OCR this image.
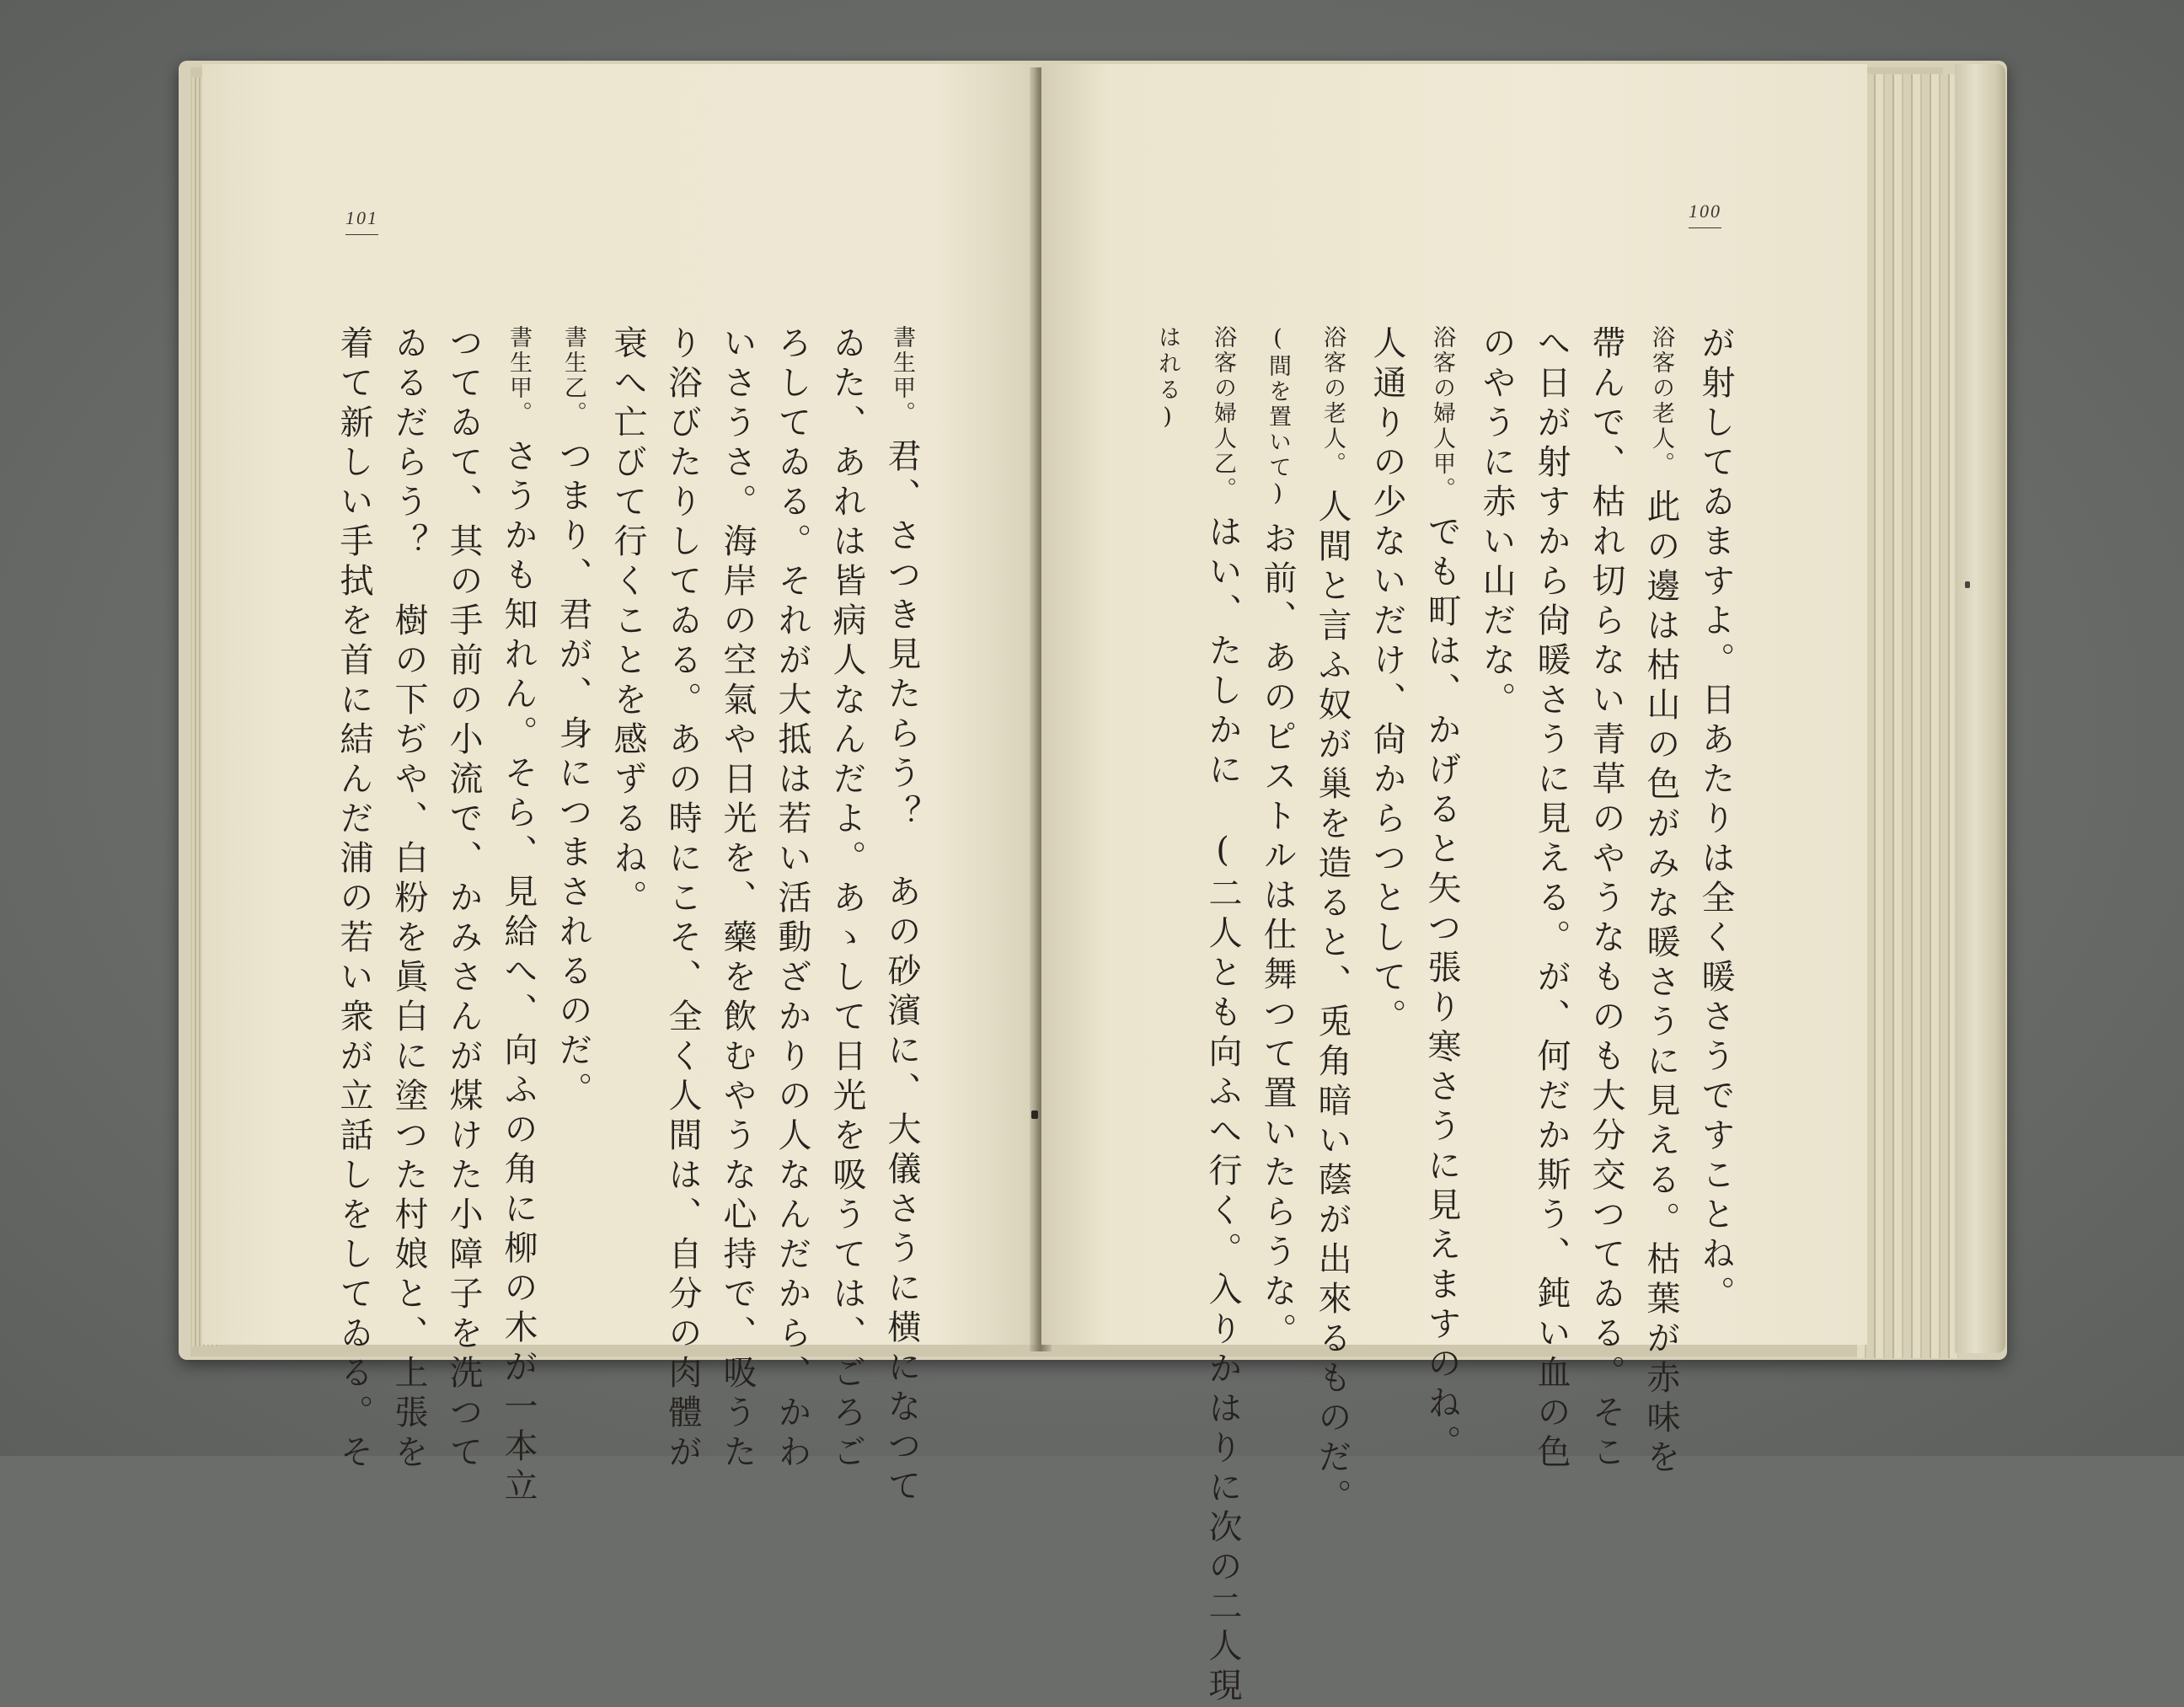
101
書生甲。君、さつき見たらう？　あの砂濱に、大儀さうに横になつて
ゐた、あれは皆病人なんだよ。あゝして日光を吸うては、ごろご
ろしてゐる。それが大抵は若い活動ざかりの人なんだから、かわ
いさうさ。海岸の空氣や日光を、藥を飲むやうな心持で、吸うた
り浴びたりしてゐる。あの時にこそ、全く人間は、自分の肉體が
衰へ亡びて行くことを感ずるね。
書生乙。つまり、君が、身につまされるのだ。
書生甲。さうかも知れん。そら、見給へ、向ふの角に柳の木が一本立
つてゐて、其の手前の小流で、かみさんが煤けた小障子を洗つて
ゐるだらう？　樹の下ぢや、白粉を眞白に塗つた村娘と、上張を
着て新しい手拭を首に結んだ浦の若い衆が立話しをしてゐる。そ
100
が射してゐますよ。日あたりは全く暖さうですことね。
浴客の老人。此の邊は枯山の色がみな暖さうに見える。枯葉が赤味を
帶んで、枯れ切らない青草のやうなものも大分交つてゐる。そこ
へ日が射すから尙暖さうに見える。が、何だか斯う、鈍い血の色
のやうに赤い山だな。
浴客の婦人甲。でも町は、かげると矢つ張り寒さうに見えますのね。
人通りの少ないだけ、尙からつとして。
浴客の老人。人間と言ふ奴が巢を造ると、兎角暗い蔭が出來るものだ。
(間を置いて)お前、あのピストルは仕舞つて置いたらうな。
浴客の婦人乙。はい、たしかに　(二人とも向ふへ行く。入りかはりに次の二人現
はれる)
